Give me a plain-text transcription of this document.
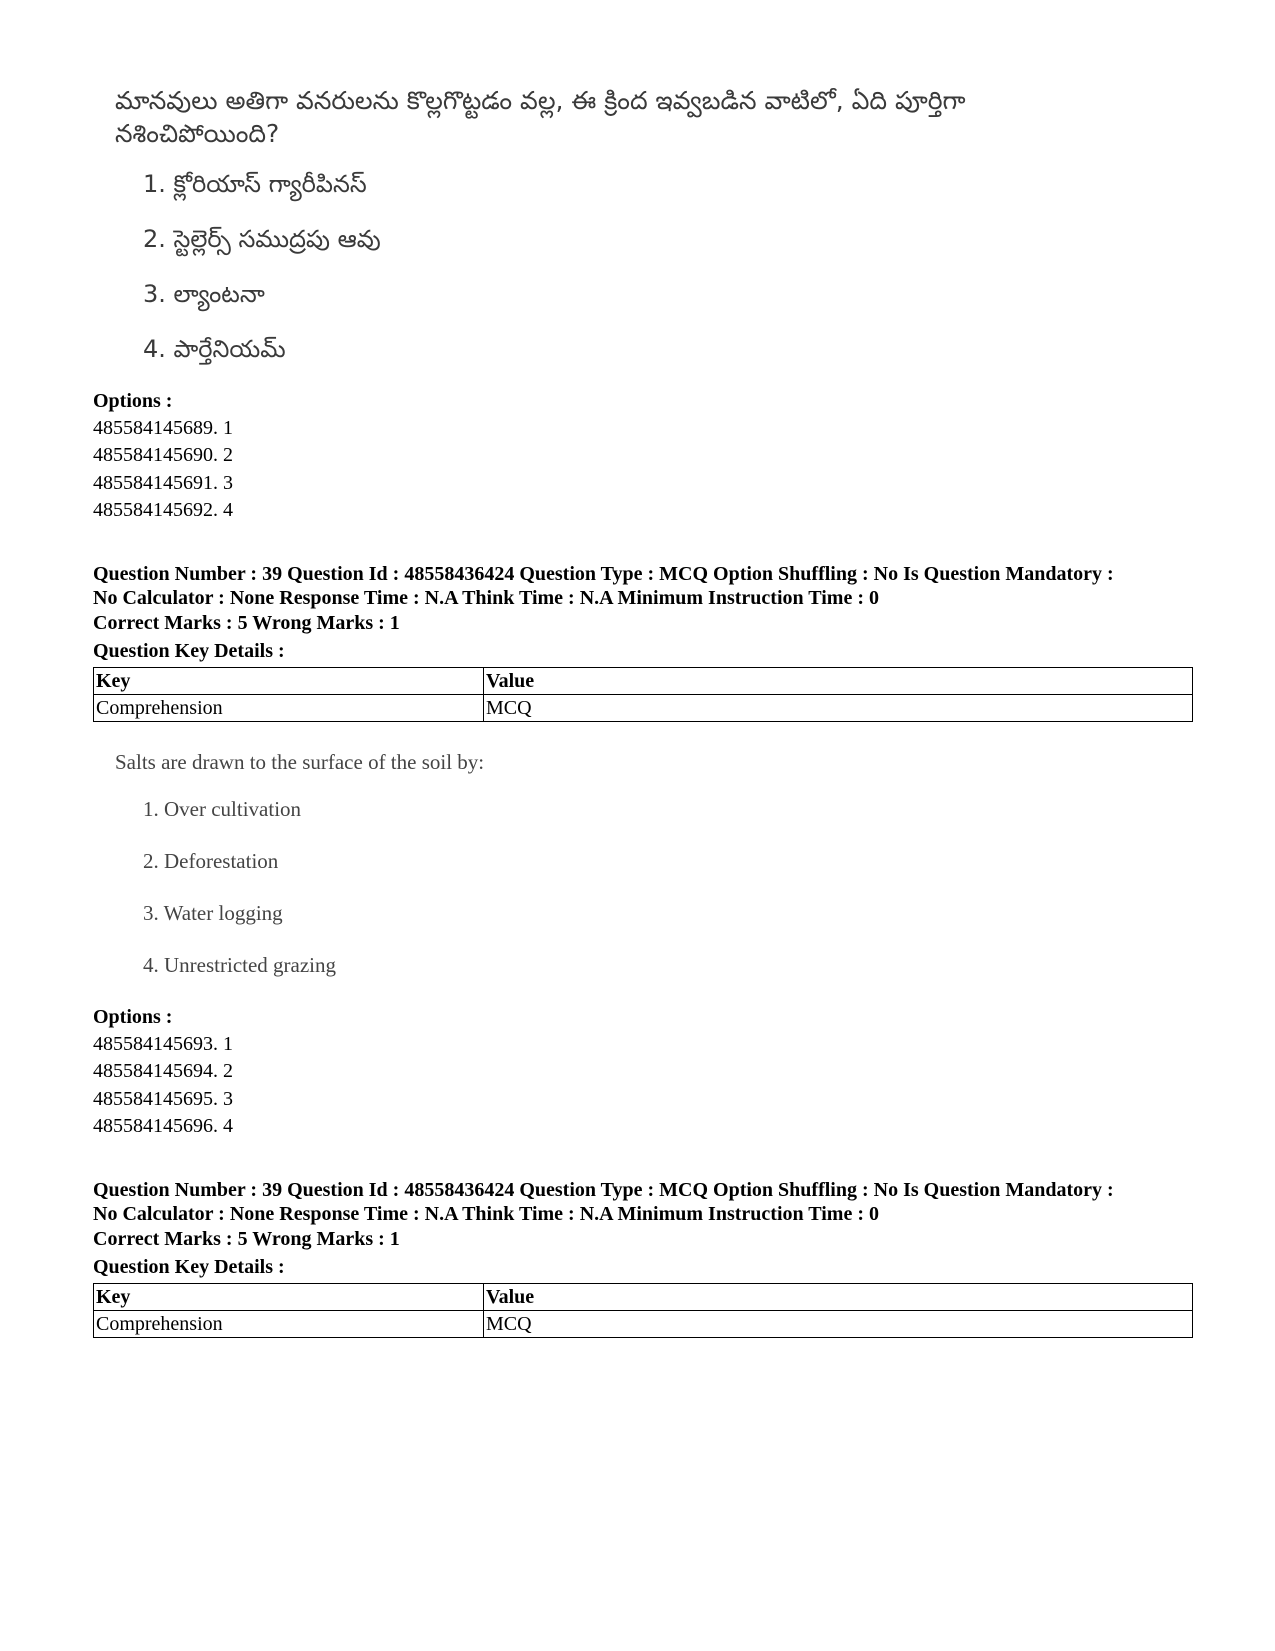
మానవులు అతిగా వనరులను కొల్లగొట్టడం వల్ల, ఈ క్రింద ఇవ్వబడిన వాటిలో, ఏది పూర్తిగా నశించిపోయింది?
1. క్లోరియాస్ గ్యారీపినస్
2. స్టెల్లెర్స్ సముద్రపు ఆవు
3. ల్యాంటనా
4. పార్తేనియమ్
Options :
485584145689. 1
485584145690. 2
485584145691. 3
485584145692. 4
Question Number : 39 Question Id : 48558436424 Question Type : MCQ Option Shuffling : No Is Question Mandatory :
No Calculator : None Response Time : N.A Think Time : N.A Minimum Instruction Time : 0
Correct Marks : 5 Wrong Marks : 1
Question Key Details :
Key	Value
Comprehension	MCQ
Salts are drawn to the surface of the soil by:
1. Over cultivation
2. Deforestation
3. Water logging
4. Unrestricted grazing
Options :
485584145693. 1
485584145694. 2
485584145695. 3
485584145696. 4
Question Number : 39 Question Id : 48558436424 Question Type : MCQ Option Shuffling : No Is Question Mandatory :
No Calculator : None Response Time : N.A Think Time : N.A Minimum Instruction Time : 0
Correct Marks : 5 Wrong Marks : 1
Question Key Details :
Key	Value
Comprehension	MCQ
